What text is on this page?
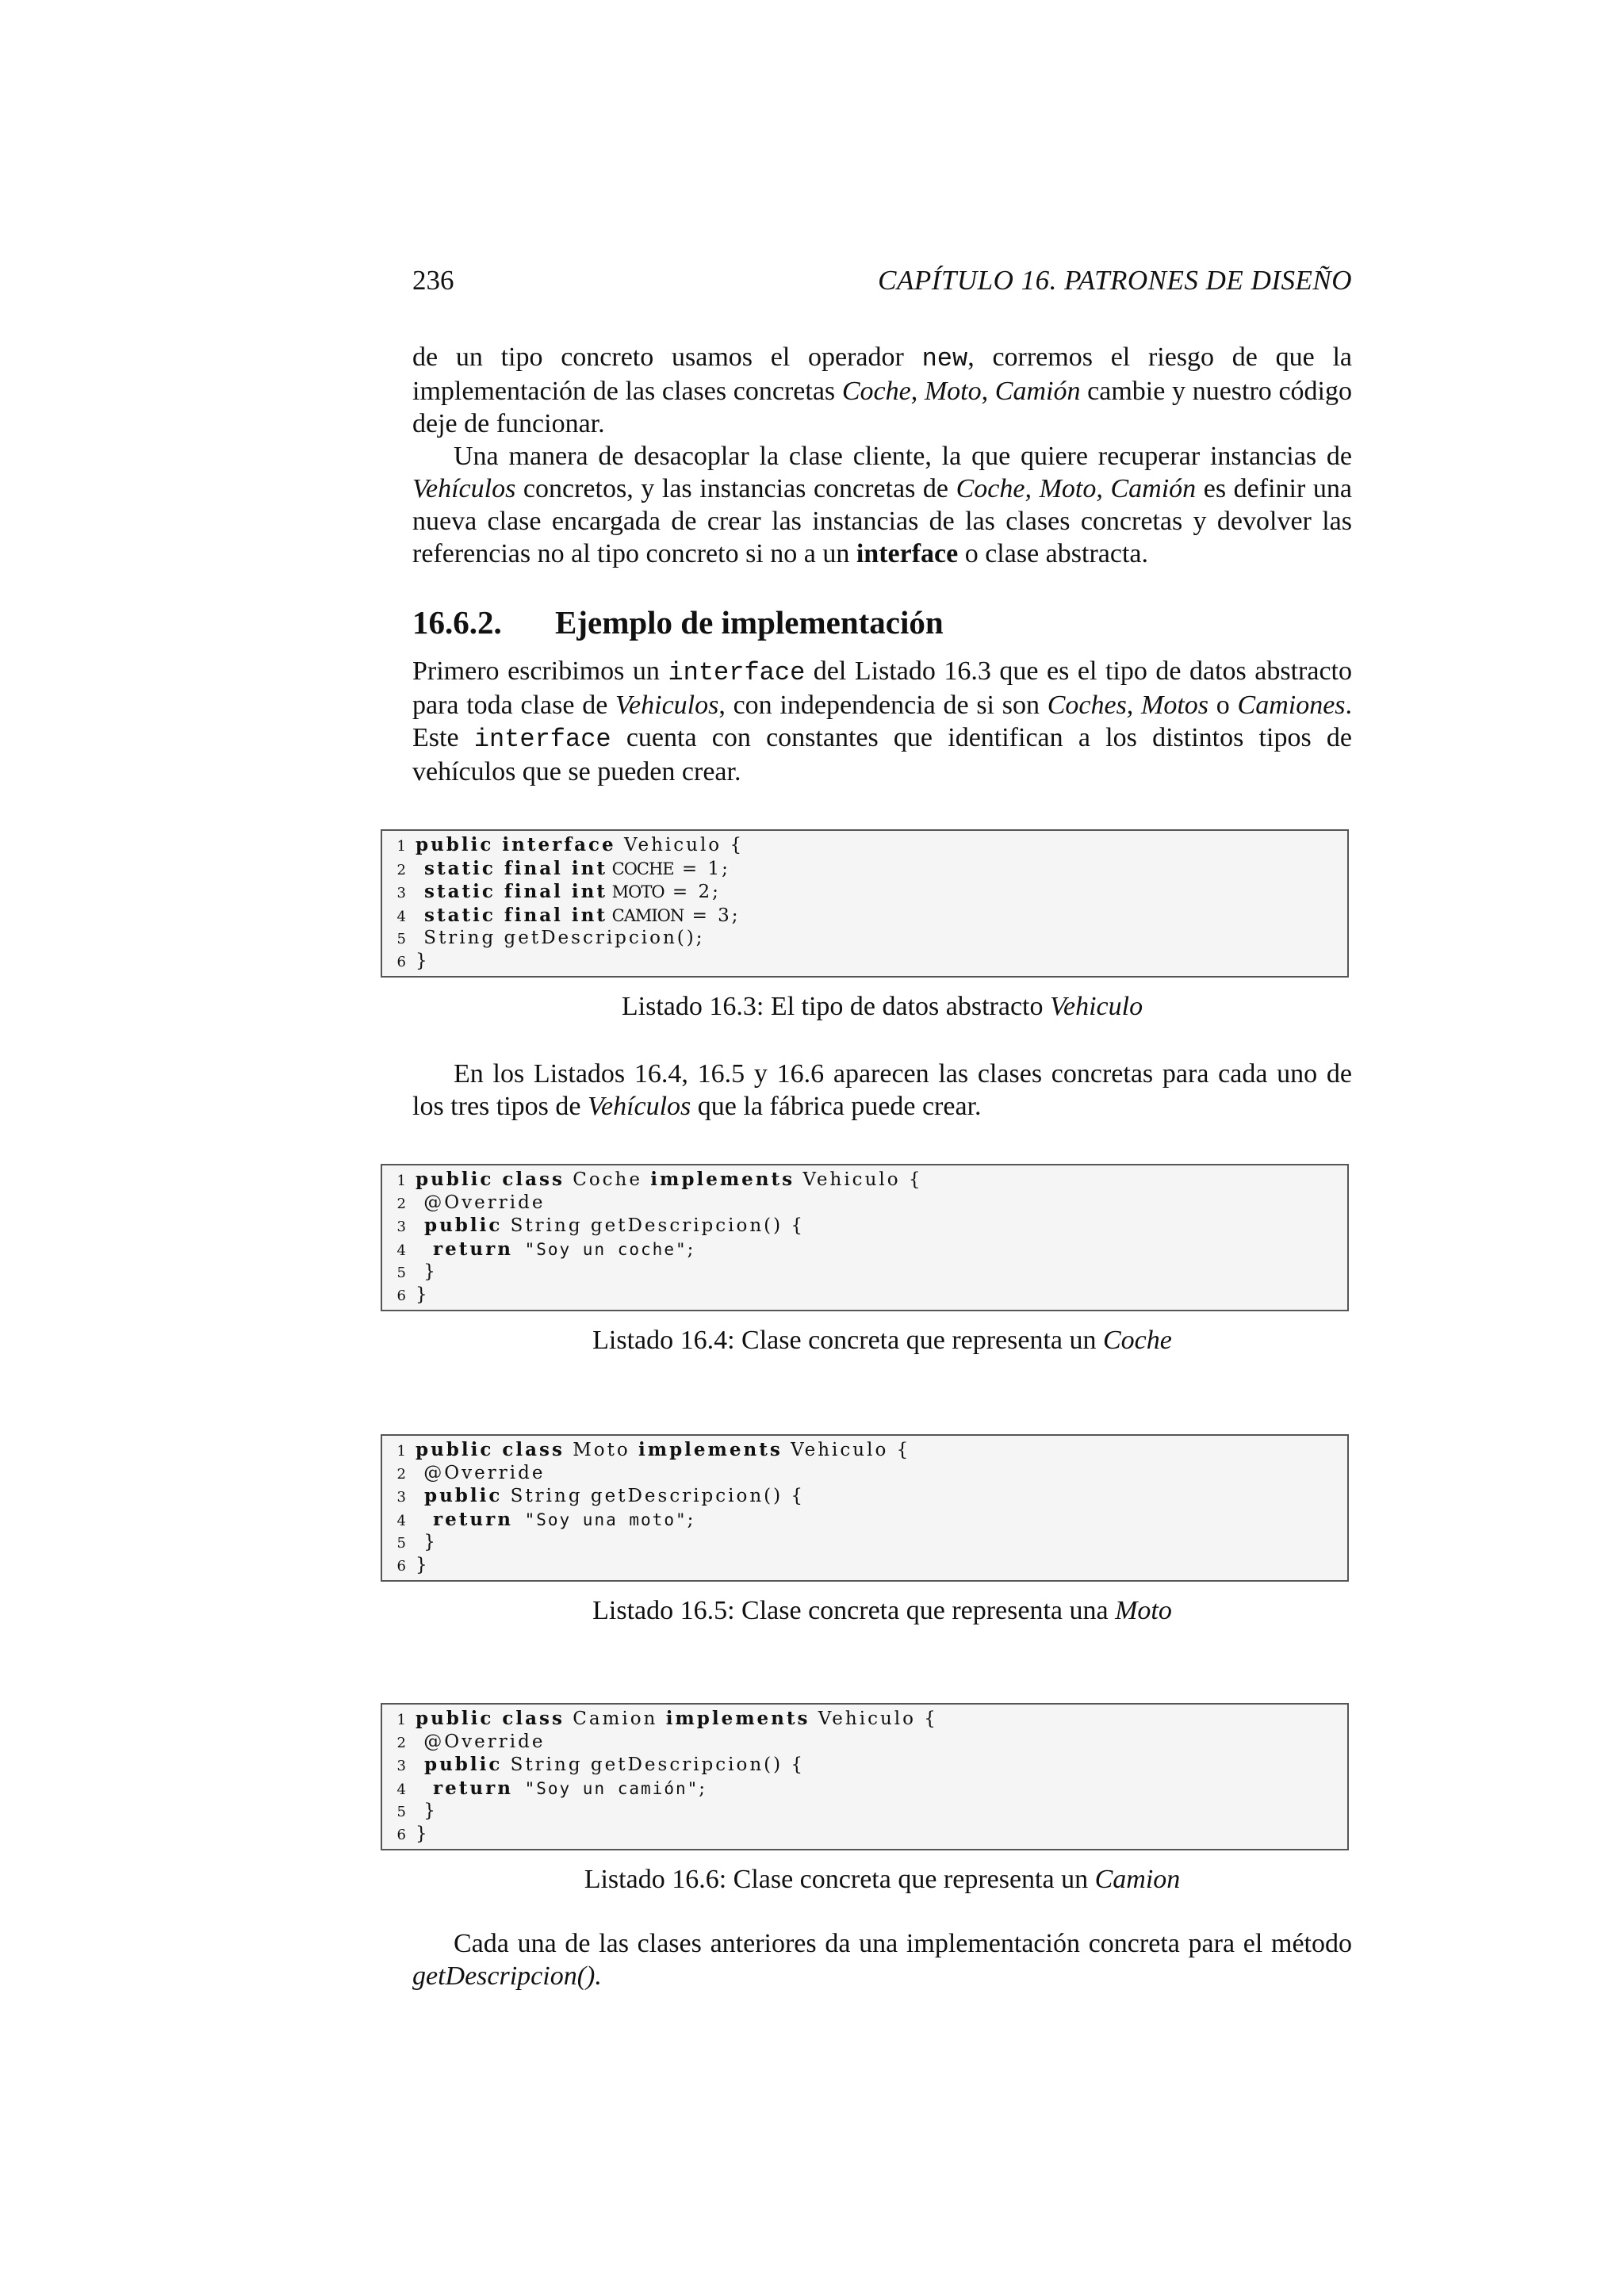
236	CAPÍTULO 16. PATRONES DE DISEÑO

de un tipo concreto usamos el operador new, corremos el riesgo de que la implementación de las clases concretas Coche, Moto, Camión cambie y nuestro código deje de funcionar.

Una manera de desacoplar la clase cliente, la que quiere recuperar instancias de Vehículos concretos, y las instancias concretas de Coche, Moto, Camión es definir una nueva clase encargada de crear las instancias de las clases concretas y devolver las referencias no al tipo concreto si no a un interface o clase abstracta.

16.6.2. Ejemplo de implementación

Primero escribimos un interface del Listado 16.3 que es el tipo de datos abstracto para toda clase de Vehiculos, con independencia de si son Coches, Motos o Camiones. Este interface cuenta con constantes que identifican a los distintos tipos de vehículos que se pueden crear.

1 public interface Vehiculo {
2 static final int COCHE = 1;
3 static final int MOTO = 2;
4 static final int CAMION = 3;
5 String getDescripcion();
6 }
Listado 16.3: El tipo de datos abstracto Vehiculo

En los Listados 16.4, 16.5 y 16.6 aparecen las clases concretas para cada uno de los tres tipos de Vehículos que la fábrica puede crear.

1 public class Coche implements Vehiculo {
2 @Override
3 public String getDescripcion() {
4  return "Soy un coche";
5 }
6 }
Listado 16.4: Clase concreta que representa un Coche
1 public class Moto implements Vehiculo {
2 @Override
3 public String getDescripcion() {
4  return "Soy una moto";
5 }
6 }
Listado 16.5: Clase concreta que representa una Moto
1 public class Camion implements Vehiculo {
2 @Override
3 public String getDescripcion() {
4  return "Soy un camión";
5 }
6 }
Listado 16.6: Clase concreta que representa un Camion

Cada una de las clases anteriores da una implementación concreta para el método getDescripcion().
